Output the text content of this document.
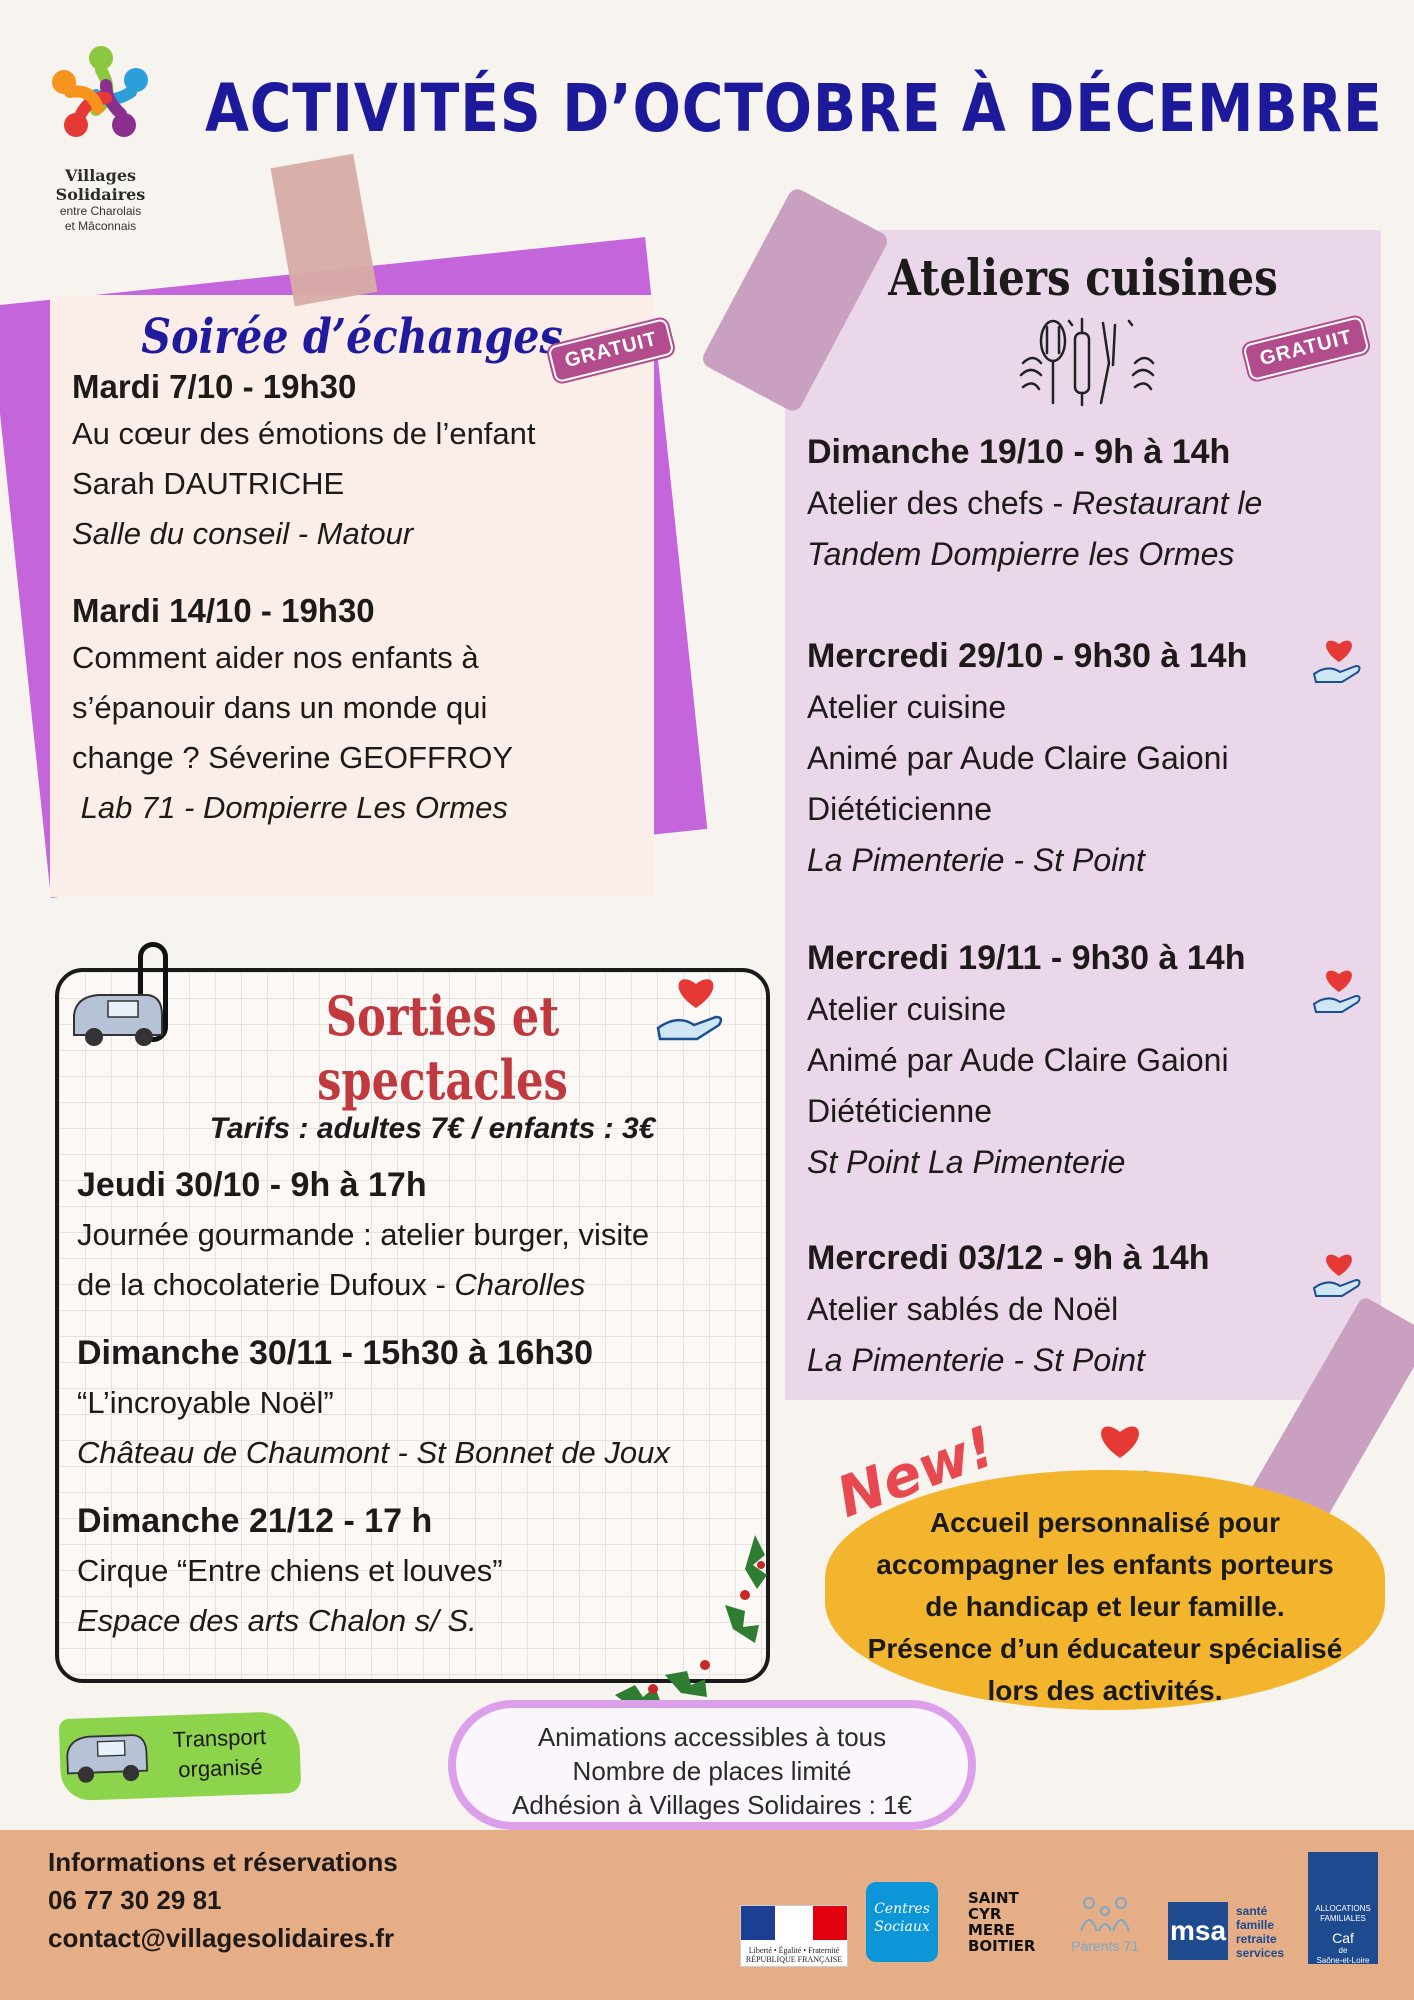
Villages Solidaires
entre Charolais
et Mâconnais
ACTIVITÉS D’OCTOBRE À DÉCEMBRE
Soirée d’échanges
Mardi 7/10 - 19h30
Au cœur des émotions de l’enfant
Sarah DAUTRICHE
Salle du conseil - Matour
Mardi 14/10 - 19h30
Comment aider nos enfants à
s’épanouir dans un monde qui
change ? Séverine GEOFFROY
Lab 71 - Dompierre Les Ormes
GRATUIT
Ateliers cuisines
Dimanche 19/10 - 9h à 14h
Atelier des chefs - Restaurant le
Tandem Dompierre les Ormes
Mercredi 29/10 - 9h30 à 14h
Atelier cuisine
Animé par Aude Claire Gaioni
Diététicienne
La Pimenterie - St Point
Mercredi 19/11 - 9h30 à 14h
Atelier cuisine
Animé par Aude Claire Gaioni
Diététicienne
St Point La Pimenterie
Mercredi 03/12 - 9h à 14h
Atelier sablés de Noël
La Pimenterie - St Point
GRATUIT
Sorties et spectacles
Tarifs : adultes 7€ / enfants : 3€
Jeudi 30/10 - 9h à 17h
Journée gourmande : atelier burger, visite
de la chocolaterie Dufoux - Charolles
Dimanche 30/11 - 15h30 à 16h30
“L’incroyable Noël”
Château de Chaumont - St Bonnet de Joux
Dimanche 21/12 - 17 h
Cirque “Entre chiens et louves”
Espace des arts Chalon s/ S.

Accueil personnalisé pour

accompagner les enfants porteurs

de handicap et leur famille.

Présence d’un éducateur spécialisé

lors des activités.

New!
Transport
organisé
Animations accessibles à tous
Nombre de places limité
Adhésion à Villages Solidaires : 1€
Informations et réservations
06 77 30 29 81
contact@villagesolidaires.fr	Liberté • Égalité • Fraternité
RÉPUBLIQUE FRANÇAISE
Centres Sociaux
SAINT
CYR
MERE
BOITIER	Parents 71	msa
santé
famille
retraite
services
ALLOCATIONS
FAMILIALES
Caf
de
Saône-et-Loire
